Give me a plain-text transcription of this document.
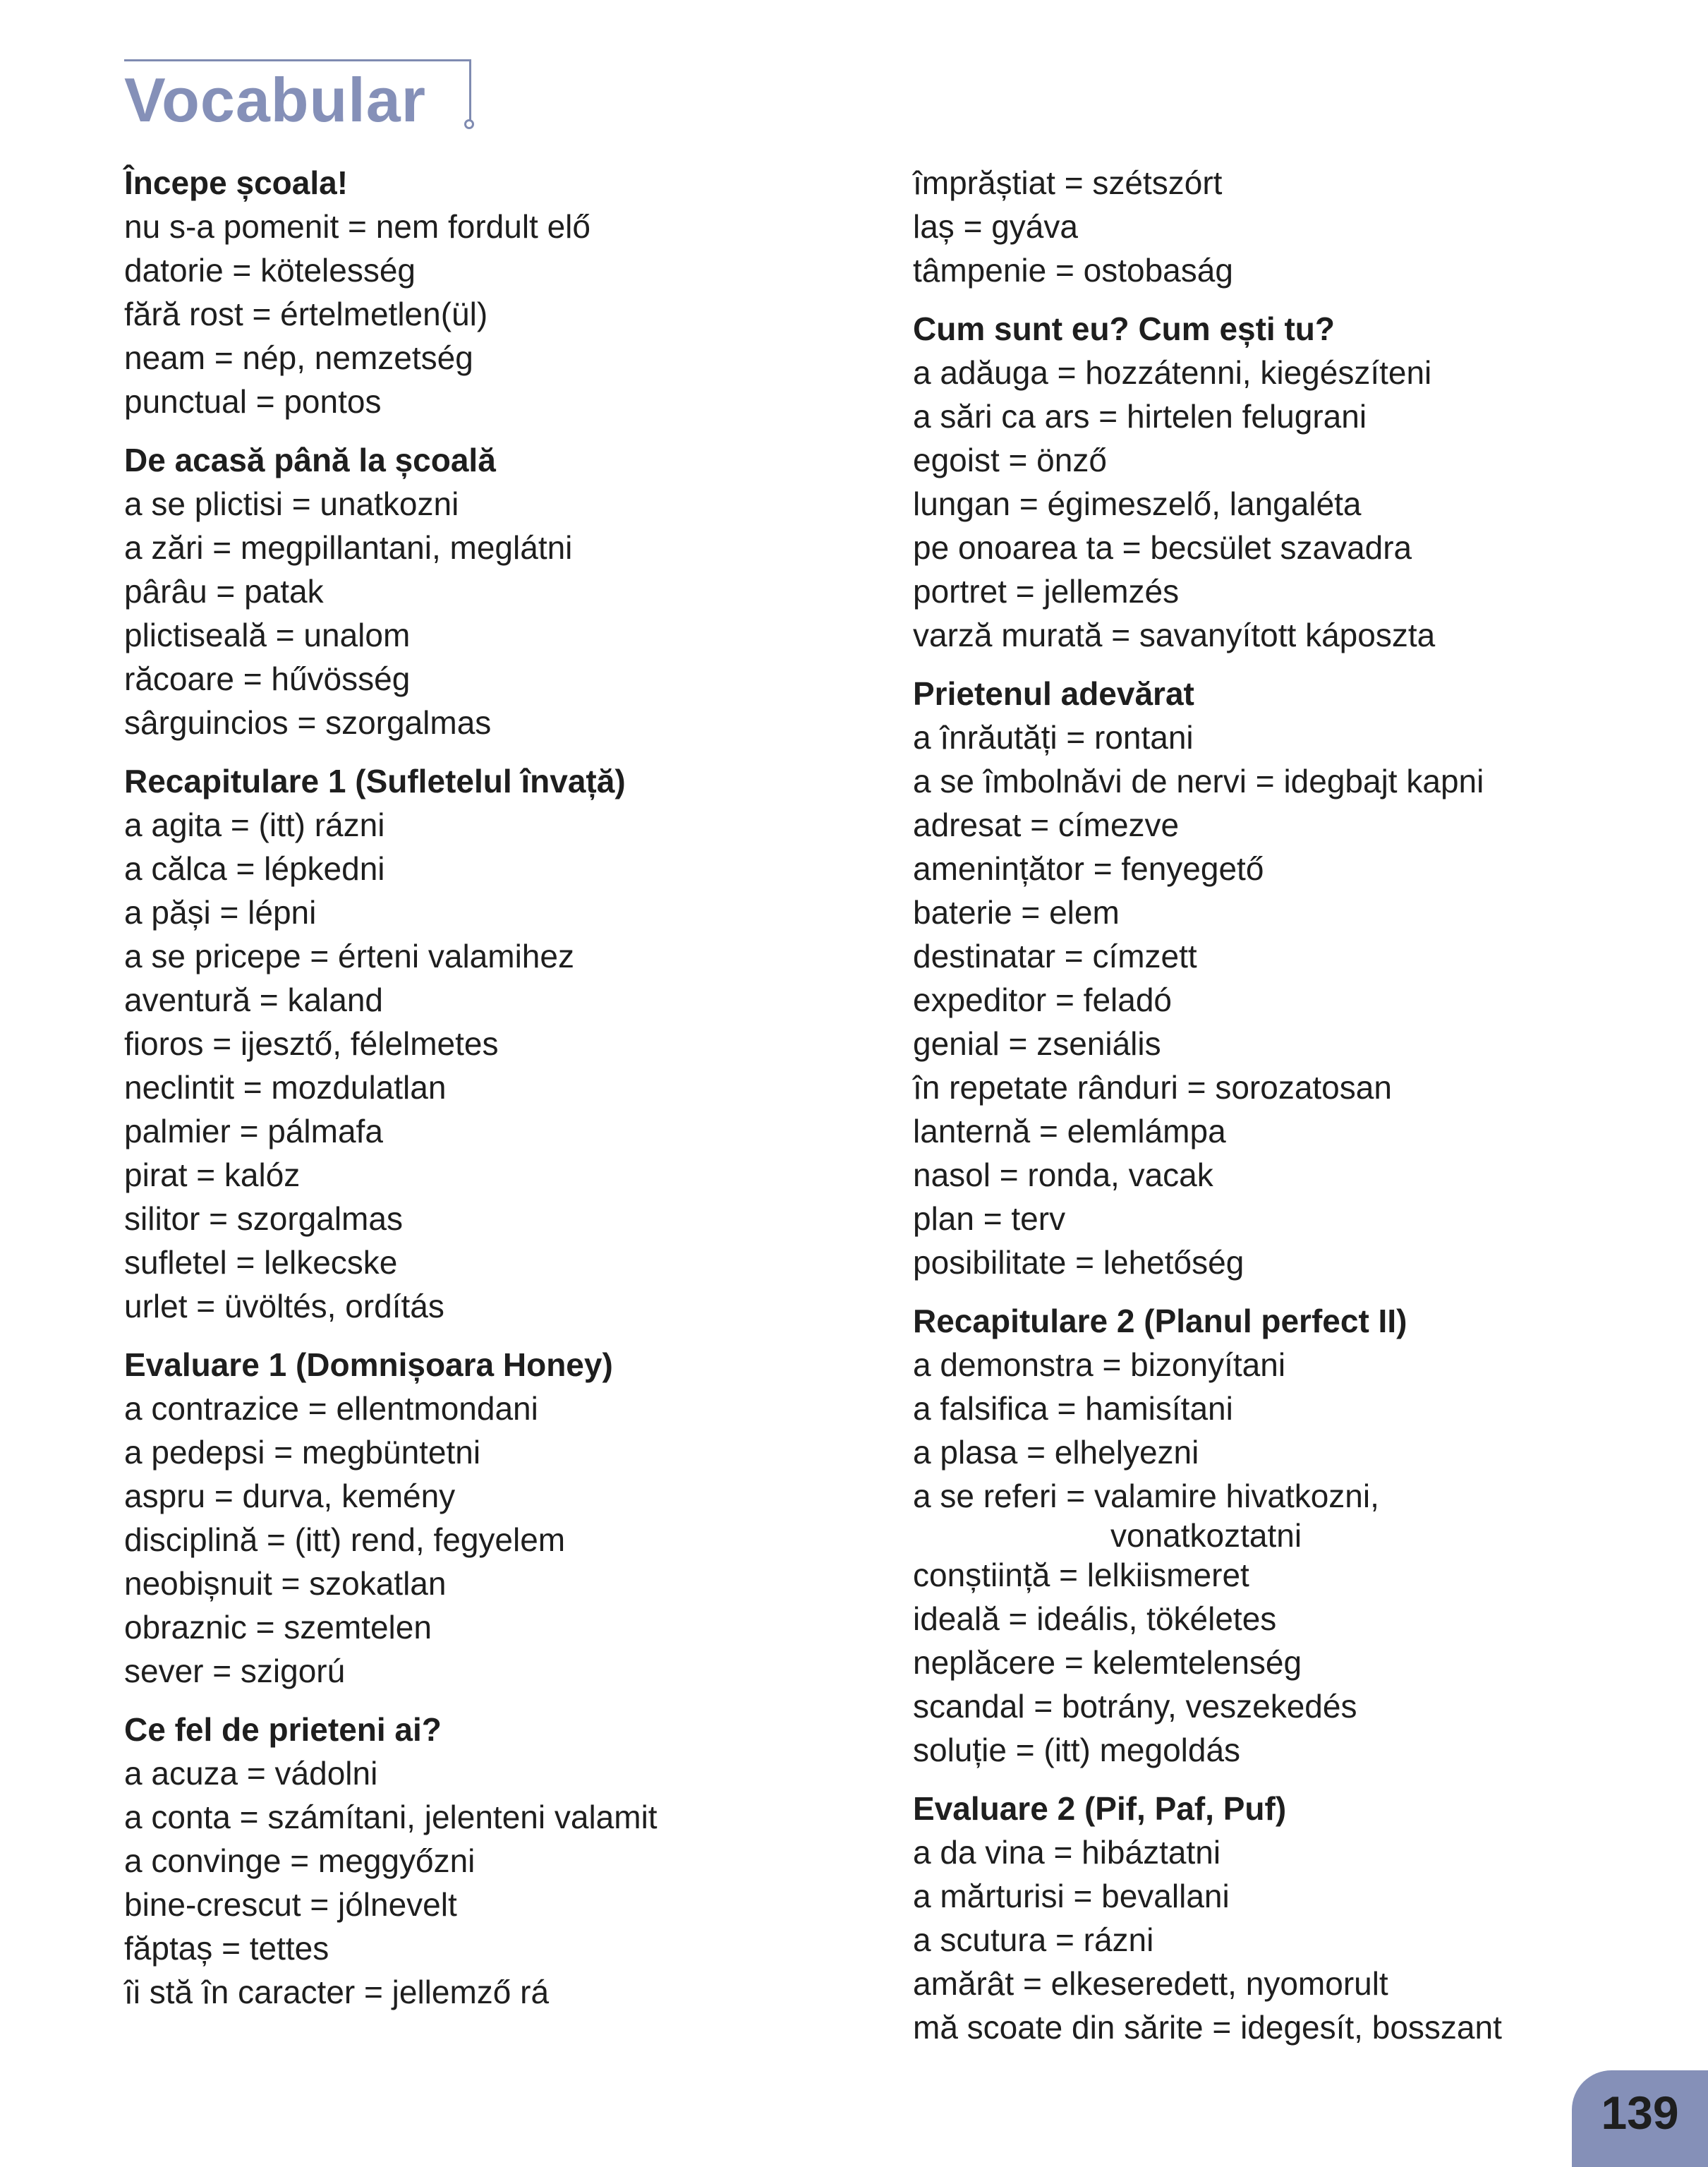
Vocabular
Începe școala!
nu s-a pomenit = nem fordult elő
datorie = kötelesség
fără rost = értelmetlen(ül)
neam = nép, nemzetség
punctual = pontos
De acasă până la școală
a se plictisi = unatkozni
a zări = megpillantani, meglátni
pârâu = patak
plictiseală = unalom
răcoare = hűvösség
sârguincios = szorgalmas
Recapitulare 1 (Sufletelul învață)
a agita = (itt) rázni
a călca = lépkedni
a păși = lépni
a se pricepe = érteni valamihez
aventură = kaland
fioros = ijesztő, félelmetes
neclintit = mozdulatlan
palmier = pálmafa
pirat = kalóz
silitor = szorgalmas
sufletel = lelkecske
urlet = üvöltés, ordítás
Evaluare 1 (Domnișoara Honey)
a contrazice = ellentmondani
a pedepsi = megbüntetni
aspru = durva, kemény
disciplină = (itt) rend, fegyelem
neobișnuit = szokatlan
obraznic = szemtelen
sever = szigorú
Ce fel de prieteni ai?
a acuza = vádolni
a conta = számítani, jelenteni valamit
a convinge = meggyőzni
bine-crescut = jólnevelt
făptaș = tettes
îi stă în caracter = jellemző rá
împrăștiat = szétszórt
laș = gyáva
tâmpenie = ostobaság
Cum sunt eu? Cum ești tu?
a adăuga = hozzátenni, kiegészíteni
a sări ca ars = hirtelen felugrani
egoist = önző
lungan = égimeszelő, langaléta
pe onoarea ta = becsület szavadra
portret = jellemzés
varză murată = savanyított káposzta
Prietenul adevărat
a înrăutăți = rontani
a se îmbolnăvi de nervi = idegbajt kapni
adresat = címezve
amenințător = fenyegető
baterie = elem
destinatar = címzett
expeditor = feladó
genial = zseniális
în repetate rânduri = sorozatosan
lanternă = elemlámpa
nasol = ronda, vacak
plan = terv
posibilitate = lehetőség
Recapitulare 2 (Planul perfect II)
a demonstra = bizonyítani
a falsifica = hamisítani
a plasa = elhelyezni
a se referi = valamire hivatkozni,
vonatkoztatni
conștiință = lelkiismeret
ideală = ideális, tökéletes
neplăcere = kelemtelenség
scandal = botrány, veszekedés
soluție = (itt) megoldás
Evaluare 2 (Pif, Paf, Puf)
a da vina = hibáztatni
a mărturisi = bevallani
a scutura = rázni
amărât = elkeseredett, nyomorult
mă scoate din sărite = idegesít, bosszant
139
